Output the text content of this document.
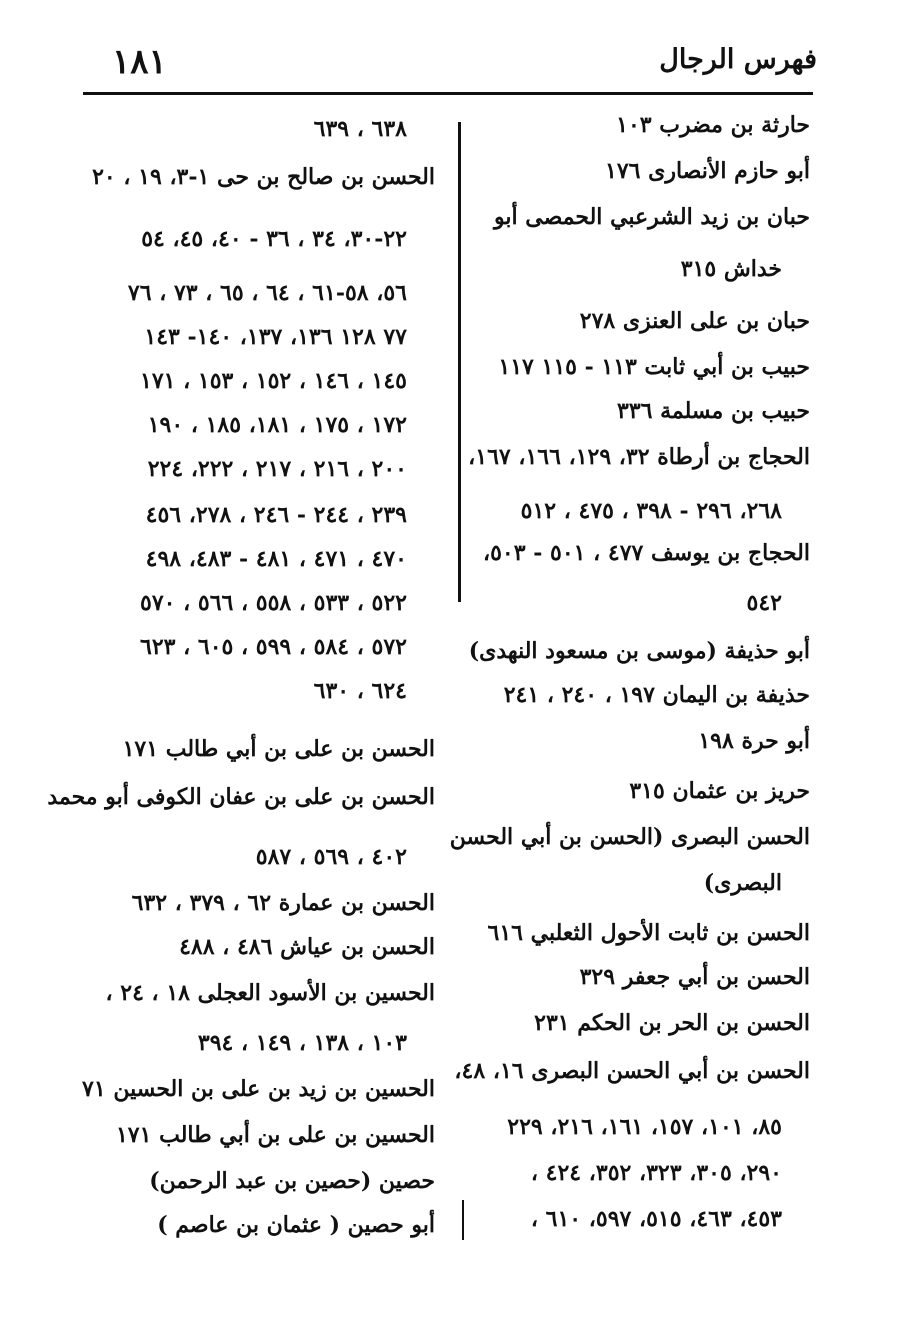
فهرس الرجال
١٨١
حارثة بن مضرب ١٠٣
أبو حازم الأنصارى ١٧٦
حبان بن زيد الشرعبي الحمصى أبو
خداش ٣١٥
حبان بن على العنزى ٢٧٨
حبيب بن أبي ثابت ١١٣ - ١١٥ ١١٧
حبيب بن مسلمة ٣٣٦
الحجاج بن أرطاة ٣٢، ١٢٩، ١٦٦، ١٦٧،
٢٦٨، ٢٩٦ - ٣٩٨ ، ٤٧٥ ، ٥١٢
الحجاج بن يوسف ٤٧٧ ، ٥٠١ - ٥٠٣،
٥٤٢
أبو حذيفة (موسى بن مسعود النهدى)
حذيفة بن اليمان ١٩٧ ، ٢٤٠ ، ٢٤١
أبو حرة ١٩٨
حريز بن عثمان ٣١٥
الحسن البصرى (الحسن بن أبي الحسن
البصرى)
الحسن بن ثابت الأحول الثعلبي ٦١٦
الحسن بن أبي جعفر ٣٢٩
الحسن بن الحر بن الحكم ٢٣١
الحسن بن أبي الحسن البصرى ١٦، ٤٨،
٨٥، ١٠١، ١٥٧، ١٦١، ٢١٦، ٢٢٩
٢٩٠، ٣٠٥، ٣٢٣، ٣٥٢، ٤٢٤ ،
٤٥٣، ٤٦٣، ٥١٥، ٥٩٧، ٦١٠ ،
٦٣٨ ، ٦٣٩
الحسن بن صالح بن حى ١-٣، ١٩ ، ٢٠
٢٢-٣٠، ٣٤ ، ٣٦ - ٤٠، ٤٥، ٥٤
٥٦، ٥٨-٦١ ، ٦٤ ، ٦٥ ، ٧٣ ، ٧٦
٧٧ ١٢٨ ١٣٦، ١٣٧، ١٤٠- ١٤٣
١٤٥ ، ١٤٦ ، ١٥٢ ، ١٥٣ ، ١٧١
١٧٢ ، ١٧٥ ، ١٨١، ١٨٥ ، ١٩٠
٢٠٠ ، ٢١٦ ، ٢١٧ ، ٢٢٢، ٢٢٤
٢٣٩ ، ٢٤٤ - ٢٤٦ ، ٢٧٨، ٤٥٦
٤٧٠ ، ٤٧١ ، ٤٨١ - ٤٨٣، ٤٩٨
٥٢٢ ، ٥٣٣ ، ٥٥٨ ، ٥٦٦ ، ٥٧٠
٥٧٢ ، ٥٨٤ ، ٥٩٩ ، ٦٠٥ ، ٦٢٣
٦٢٤ ، ٦٣٠
الحسن بن على بن أبي طالب ١٧١
الحسن بن على بن عفان الكوفى أبو محمد
٤٠٢ ، ٥٦٩ ، ٥٨٧
الحسن بن عمارة ٦٢ ، ٣٧٩ ، ٦٣٢
الحسن بن عياش ٤٨٦ ، ٤٨٨
الحسين بن الأسود العجلى ١٨ ، ٢٤ ،
١٠٣ ، ١٣٨ ، ١٤٩ ، ٣٩٤
الحسين بن زيد بن على بن الحسين ٧١
الحسين بن على بن أبي طالب ١٧١
حصين (حصين بن عبد الرحمن)
أبو حصين ( عثمان بن عاصم )
